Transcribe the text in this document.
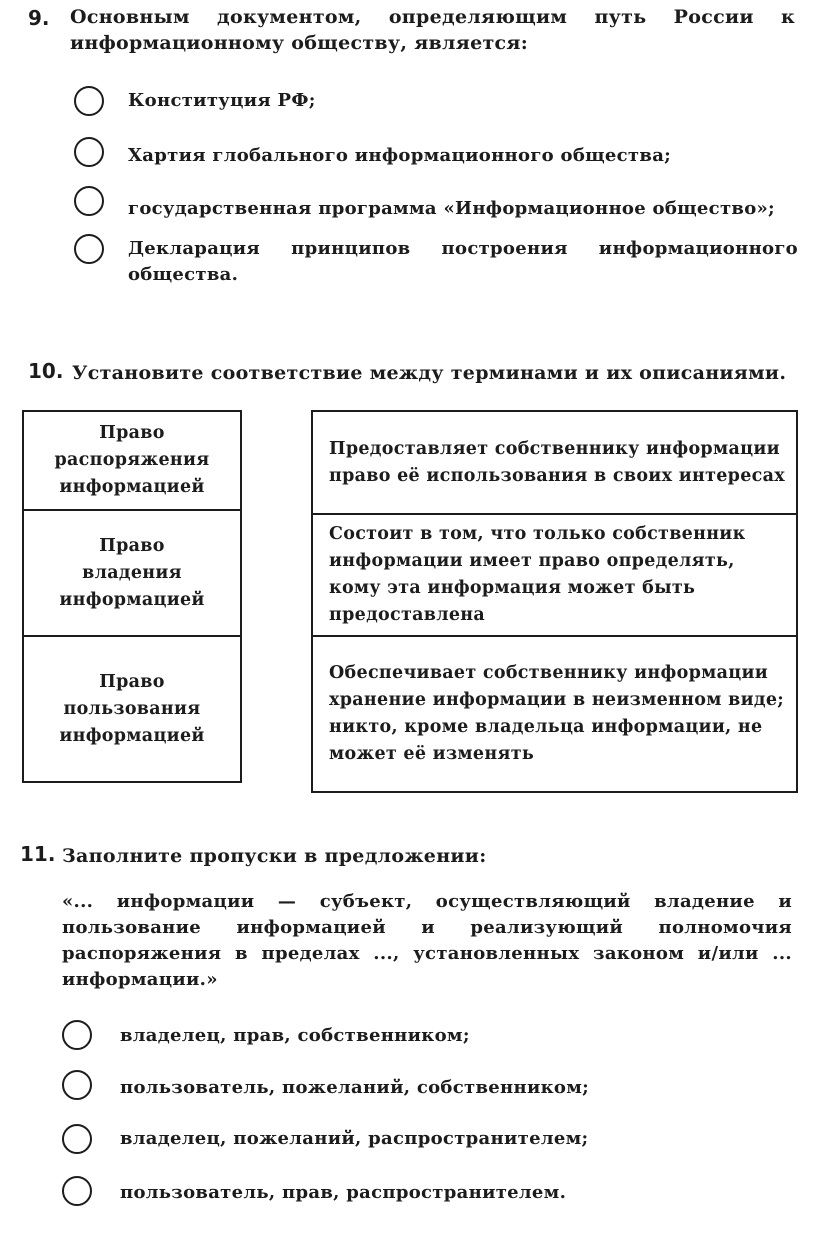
9. Основным документом, определяющим путь России к информационному обществу, является:
Конституция РФ;
Хартия глобального информационного общества;
государственная программа «Информационное общество»;
Декларация принципов построения информационного общества.
10. Установите соответствие между терминами и их описаниями.
Право распоряжения информацией
Право владения информацией
Право пользования информацией
Предоставляет собственнику информации право её использования в своих интересах
Состоит в том, что только собственник информации имеет право определять, кому эта информация может быть предоставлена
Обеспечивает собственнику информации хранение информации в неизменном виде; никто, кроме владельца информации, не может её изменять
11. Заполните пропуски в предложении:
«... информации — субъект, осуществляющий владение и пользование информацией и реализующий полномочия распоряжения в пределах ..., установленных законом и/или ... информации.»
владелец, прав, собственником;
пользователь, пожеланий, собственником;
владелец, пожеланий, распространителем;
пользователь, прав, распространителем.
